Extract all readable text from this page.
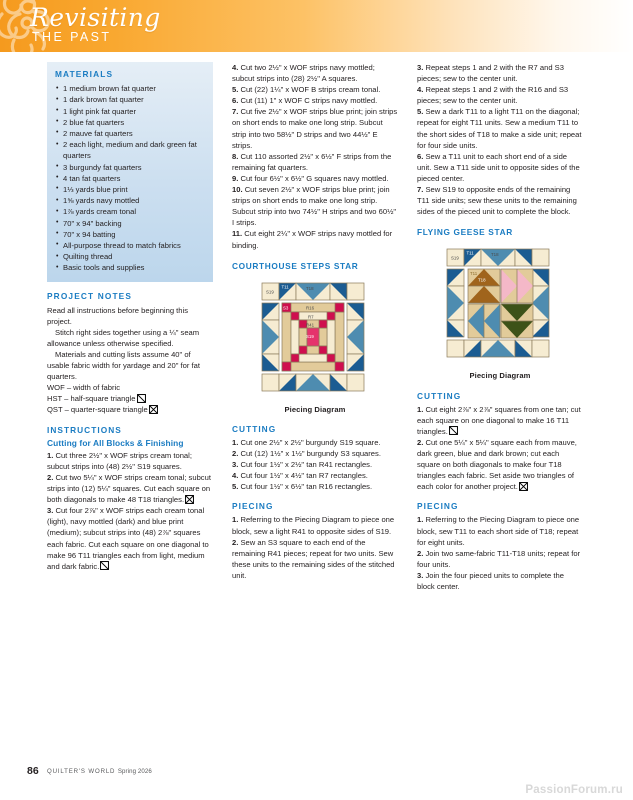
Revisiting
THE PAST
MATERIALS
• 1 medium brown fat quarter
• 1 dark brown fat quarter
• 1 light pink fat quarter
• 2 blue fat quarters
• 2 mauve fat quarters
• 2 each light, medium and dark green fat quarters
• 3 burgundy fat quarters
• 4 tan fat quarters
• 1⅓ yards blue print
• 1⅝ yards navy mottled
• 1⅞ yards cream tonal
• 70" x 94" backing
• 70" x 94 batting
• All-purpose thread to match fabrics
• Quilting thread
• Basic tools and supplies
PROJECT NOTES

Read all instructions before beginning this project.

Stitch right sides together using a ¼" seam allowance unless otherwise specified.

Materials and cutting lists assume 40" of usable fabric width for yardage and 20" for fat quarters.

WOF – width of fabric

HST – half-square triangle

QST – quarter-square triangle

INSTRUCTIONS
Cutting for All Blocks & Finishing

1. Cut three 2½" x WOF strips cream tonal; subcut strips into (48) 2½" S19 squares.

2. Cut two 5¼" x WOF strips cream tonal; subcut strips into (12) 5¼" squares. Cut each square on both diagonals to make 48 T18 triangles.

3. Cut four 2⅞" x WOF strips each cream tonal (light), navy mottled (dark) and blue print (medium); subcut strips into (48) 2⅞" squares each fabric. Cut each square on one diagonal to make 96 T11 triangles each from light, medium and dark fabric.

4. Cut two 2½" x WOF strips navy mottled; subcut strips into (28) 2½" A squares.

5. Cut (22) 1¼" x WOF B strips cream tonal.

6. Cut (11) 1" x WOF C strips navy mottled.

7. Cut five 2½" x WOF strips blue print; join strips on short ends to make one long strip. Subcut strip into two 58½" D strips and two 44½" E strips.

8. Cut 110 assorted 2½" x 6½" F strips from the remaining fat quarters.

9. Cut four 6½" x 6½" G squares navy mottled.

10. Cut seven 2½" x WOF strips blue print; join strips on short ends to make one long strip. Subcut strip into two 74½" H strips and two 60½" I strips.

11. Cut eight 2¼" x WOF strips navy mottled for binding.

COURTHOUSE STEPS STAR
S19
T11	T18
S3	R16
R7
R41
S19
Piecing Diagram
CUTTING

1. Cut one 2½" x 2½" burgundy S19 square.

2. Cut (12) 1½" x 1½" burgundy S3 squares.

3. Cut four 1½" x 2½" tan R41 rectangles.

4. Cut four 1½" x 4½" tan R7 rectangles.

5. Cut four 1½" x 6½" tan R16 rectangles.

PIECING

1. Referring to the Piecing Diagram to piece one block, sew a light R41 to opposite sides of S19.

2. Sew an S3 square to each end of the remaining R41 pieces; repeat for two units. Sew these units to the remaining sides of the stitched unit.

3. Repeat steps 1 and 2 with the R7 and S3 pieces; sew to the center unit.

4. Repeat steps 1 and 2 with the R16 and S3 pieces; sew to the center unit.

5. Sew a dark T11 to a light T11 on the diagonal; repeat for eight T11 units. Sew a medium T11 to the short sides of T18 to make a side unit; repeat for four side units.

6. Sew a T11 unit to each short end of a side unit. Sew a T11 side unit to opposite sides of the pieced center.

7. Sew S19 to opposite ends of the remaining T11 side units; sew these units to the remaining sides of the pieced unit to complete the block.

FLYING GEESE STAR
S19
T11	T18
T11
T18
Piecing Diagram
CUTTING

1. Cut eight 2⅞" x 2⅞" squares from one tan; cut each square on one diagonal to make 16 T11 triangles.

2. Cut one 5¼" x 5¼" square each from mauve, dark green, blue and dark brown; cut each square on both diagonals to make four T18 triangles each fabric. Set aside two triangles of each color for another project.

PIECING

1. Referring to the Piecing Diagram to piece one block, sew T11 to each short side of T18; repeat for eight units.

2. Join two same-fabric T11-T18 units; repeat for four units.

3. Join the four pieced units to complete the block center.

86 QUILTER'S WORLD Spring 2026
PassionForum.ru
